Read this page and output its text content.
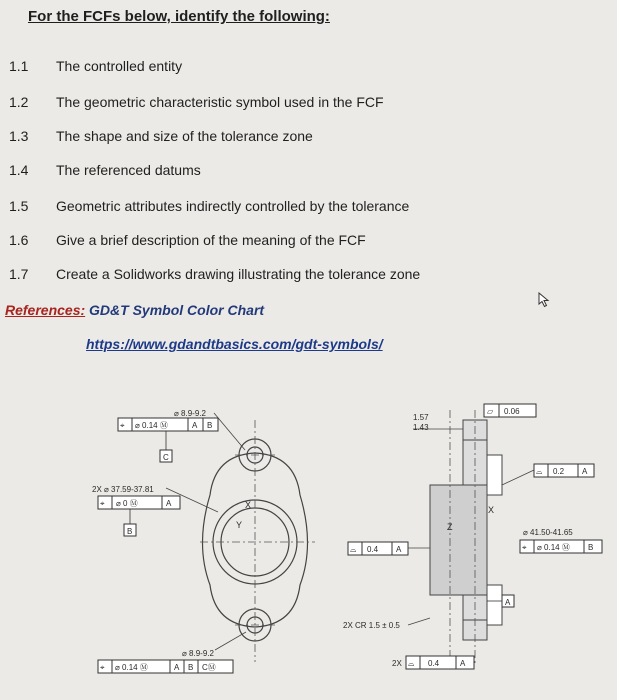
For the FCFs below, identify the following:
1.1	The controlled entity
1.2	The geometric characteristic symbol used in the FCF
1.3	The shape and size of the tolerance zone
1.4	The referenced datums
1.5	Geometric attributes indirectly controlled by the tolerance
1.6	Give a brief description of the meaning of the FCF
1.7	Create a Solidworks drawing illustrating the tolerance zone
References: GD&T Symbol Color Chart
https://www.gdandtbasics.com/gdt-symbols/
⌀ 8.9-9.2
⌖ ⌀ 0.14 Ⓜ	A B
C
2X ⌀ 37.59-37.81
⌖ ⌀ 0 Ⓜ	A
B
X
Y
⌀ 8.9-9.2
⌖ ⌀ 0.14 Ⓜ	A B CⓂ
1.57
1.43
▱ 0.06
⌓ 0.2 A
⌀ 41.50-41.65
⌖ ⌀ 0.14 Ⓜ B
Z
X
⌓ 0.4 A
A
2X CR 1.5 ± 0.5
2X ⌓ 0.4	A
